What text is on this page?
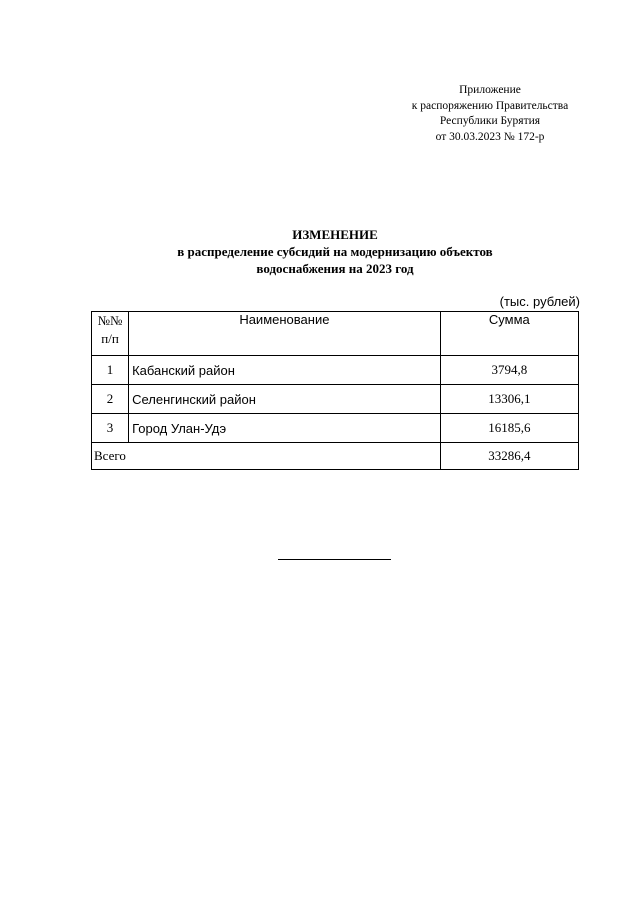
Приложение
к распоряжению Правительства
Республики Бурятия
от 30.03.2023 № 172-р
ИЗМЕНЕНИЕ
в распределение субсидий на модернизацию объектов
водоснабжения на 2023 год
(тыс. рублей)
№№
п/п	Наименование	Сумма
1	Кабанский район	3794,8
2	Селенгинский район	13306,1
3	Город Улан-Удэ	16185,6
Всего		33286,4
